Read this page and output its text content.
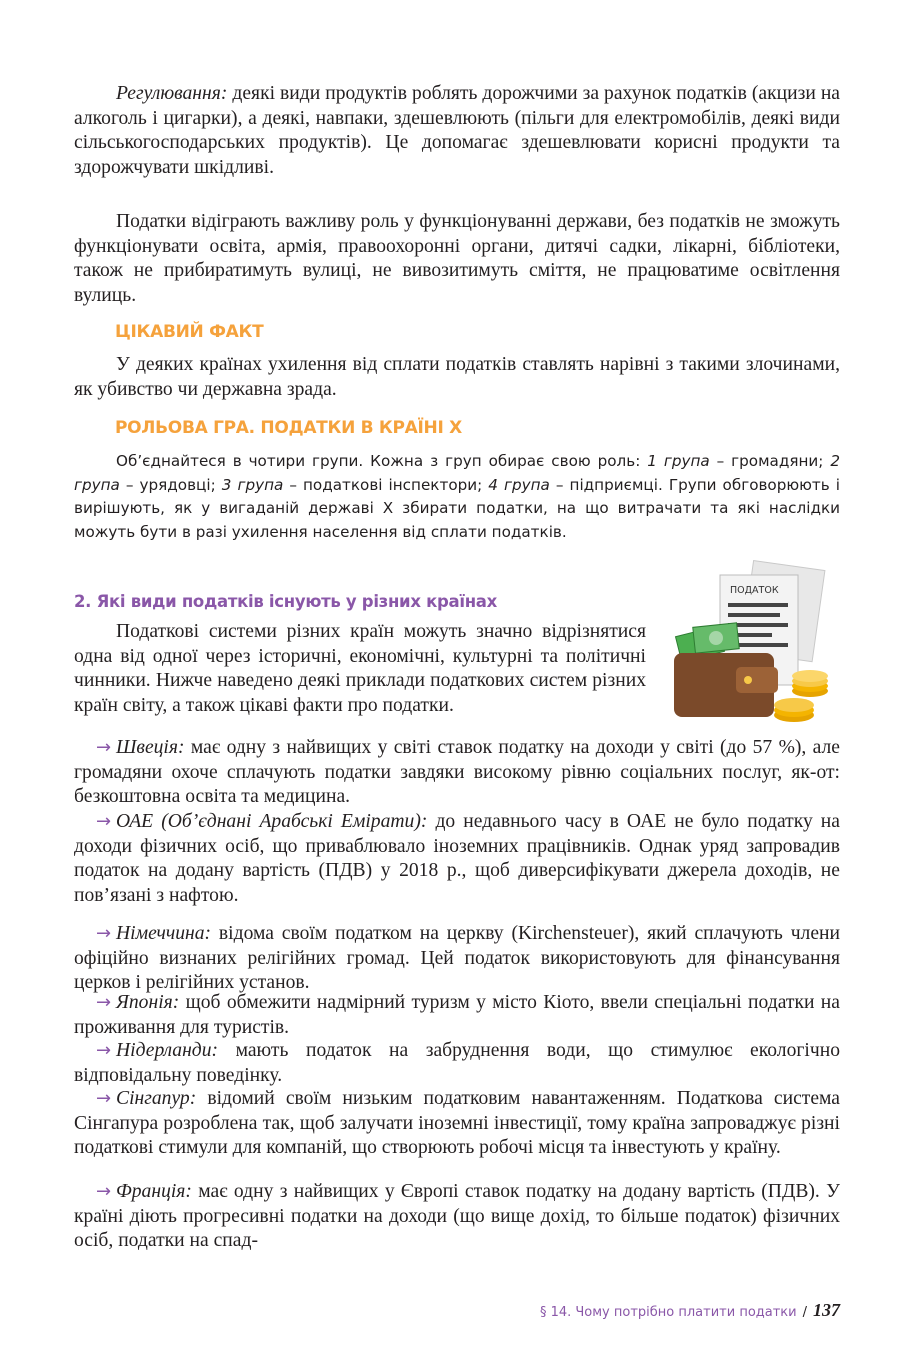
Регулювання: деякі види продуктів роблять дорожчими за рахунок податків (акцизи на алкоголь і цигарки), а деякі, навпаки, здешевлюють (пільги для електромобілів, деякі види сільськогосподарських продуктів). Це допомагає здешевлювати корисні продукти та здорожчувати шкідливі.

Податки відіграють важливу роль у функціонуванні держави, без податків не зможуть функціонувати освіта, армія, правоохоронні органи, дитячі садки, лікарні, бібліотеки, також не прибиратимуть вулиці, не вивозитимуть сміття, не працюватиме освітлення вулиць.

ЦІКАВИЙ ФАКТ

У деяких країнах ухилення від сплати податків ставлять нарівні з такими злочинами, як убивство чи державна зрада.

РОЛЬОВА ГРА. ПОДАТКИ В КРАЇНІ Х

Об’єднайтеся в чотири групи. Кожна з груп обирає свою роль: 1 група – громадяни; 2 група – урядовці; 3 група – податкові інспектори; 4 група – підприємці. Групи обговорюють і вирішують, як у вигаданій державі Х збирати податки, на що витрачати та які наслідки можуть бути в разі ухилення населення від сплати податків.

2. Які види податків існують у різних країнах

Податкові системи різних країн можуть значно відрізнятися одна від одної через історичні, економічні, культурні та політичні чинники. Нижче наведено деякі приклади податкових систем різних країн світу, а також цікаві факти про податки.

ПОДАТОК

→ Швеція: має одну з найвищих у світі ставок податку на доходи у світі (до 57 %), але громадяни охоче сплачують податки завдяки високому рівню соціальних послуг, як-от: безкоштовна освіта та медицина.

→ ОАЕ (Об’єднані Арабські Емірати): до недавнього часу в ОАЕ не було податку на доходи фізичних осіб, що приваблювало іноземних працівників. Однак уряд запровадив податок на додану вартість (ПДВ) у 2018 р., щоб диверсифікувати джерела доходів, не пов’язані з нафтою.

→ Німеччина: відома своїм податком на церкву (Kirchensteuer), який сплачують члени офіційно визнаних релігійних громад. Цей податок використовують для фінансування церков і релігійних установ.

→ Японія: щоб обмежити надмірний туризм у місто Кіото, ввели спеціальні податки на проживання для туристів.

→ Нідерланди: мають податок на забруднення води, що стимулює екологічно відповідальну поведінку.

→ Сінгапур: відомий своїм низьким податковим навантаженням. Податкова система Сінгапура розроблена так, щоб залучати іноземні інвестиції, тому країна запроваджує різні податкові стимули для компаній, що створюють робочі місця та інвестують у країну.

→ Франція: має одну з найвищих у Європі ставок податку на додану вартість (ПДВ). У країні діють прогресивні податки на доходи (що вище дохід, то більше податок) фізичних осіб, податки на спад-

§ 14. Чому потрібно платити податки / 137
